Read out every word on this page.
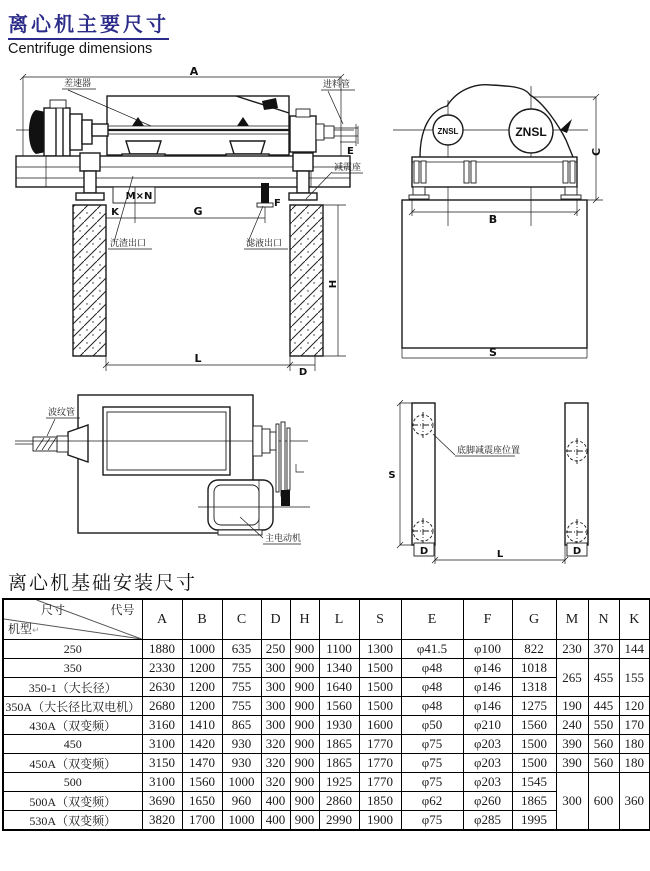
离心机主要尺寸
Centrifuge dimensions
A
M×N
K	G
F
沉渣出口	滤液出口
H
L
D
差速器	进料管
E
减震座
ZNSL	ZNSL
B
S
C
波纹管
主电动机
S
D	D
L
底脚减震座位置
离心机基础安装尺寸
尺寸 代号
机型↵	A	B	C	D	H	L	S	E	F	G	M	N	K
250	1880	1000	635	250	900	1100	1300	φ41.5	φ100	822	230	370	144
350	2330	1200	755	300	900	1340	1500	φ48	φ146	1018	265	455	155
350-1（大长径）	2630	1200	755	300	900	1640	1500	φ48	φ146	1318			
350A（大长径比双电机）	2680	1200	755	300	900	1560	1500	φ48	φ146	1275	190	445	120
430A（双变频）	3160	1410	865	300	900	1930	1600	φ50	φ210	1560	240	550	170
450	3100	1420	930	320	900	1865	1770	φ75	φ203	1500	390	560	180
450A（双变频）	3150	1470	930	320	900	1865	1770	φ75	φ203	1500	390	560	180
500	3100	1560	1000	320	900	1925	1770	φ75	φ203	1545	300	600	360
500A（双变频）	3690	1650	960	400	900	2860	1850	φ62	φ260	1865			
530A（双变频）	3820	1700	1000	400	900	2990	1900	φ75	φ285	1995			
